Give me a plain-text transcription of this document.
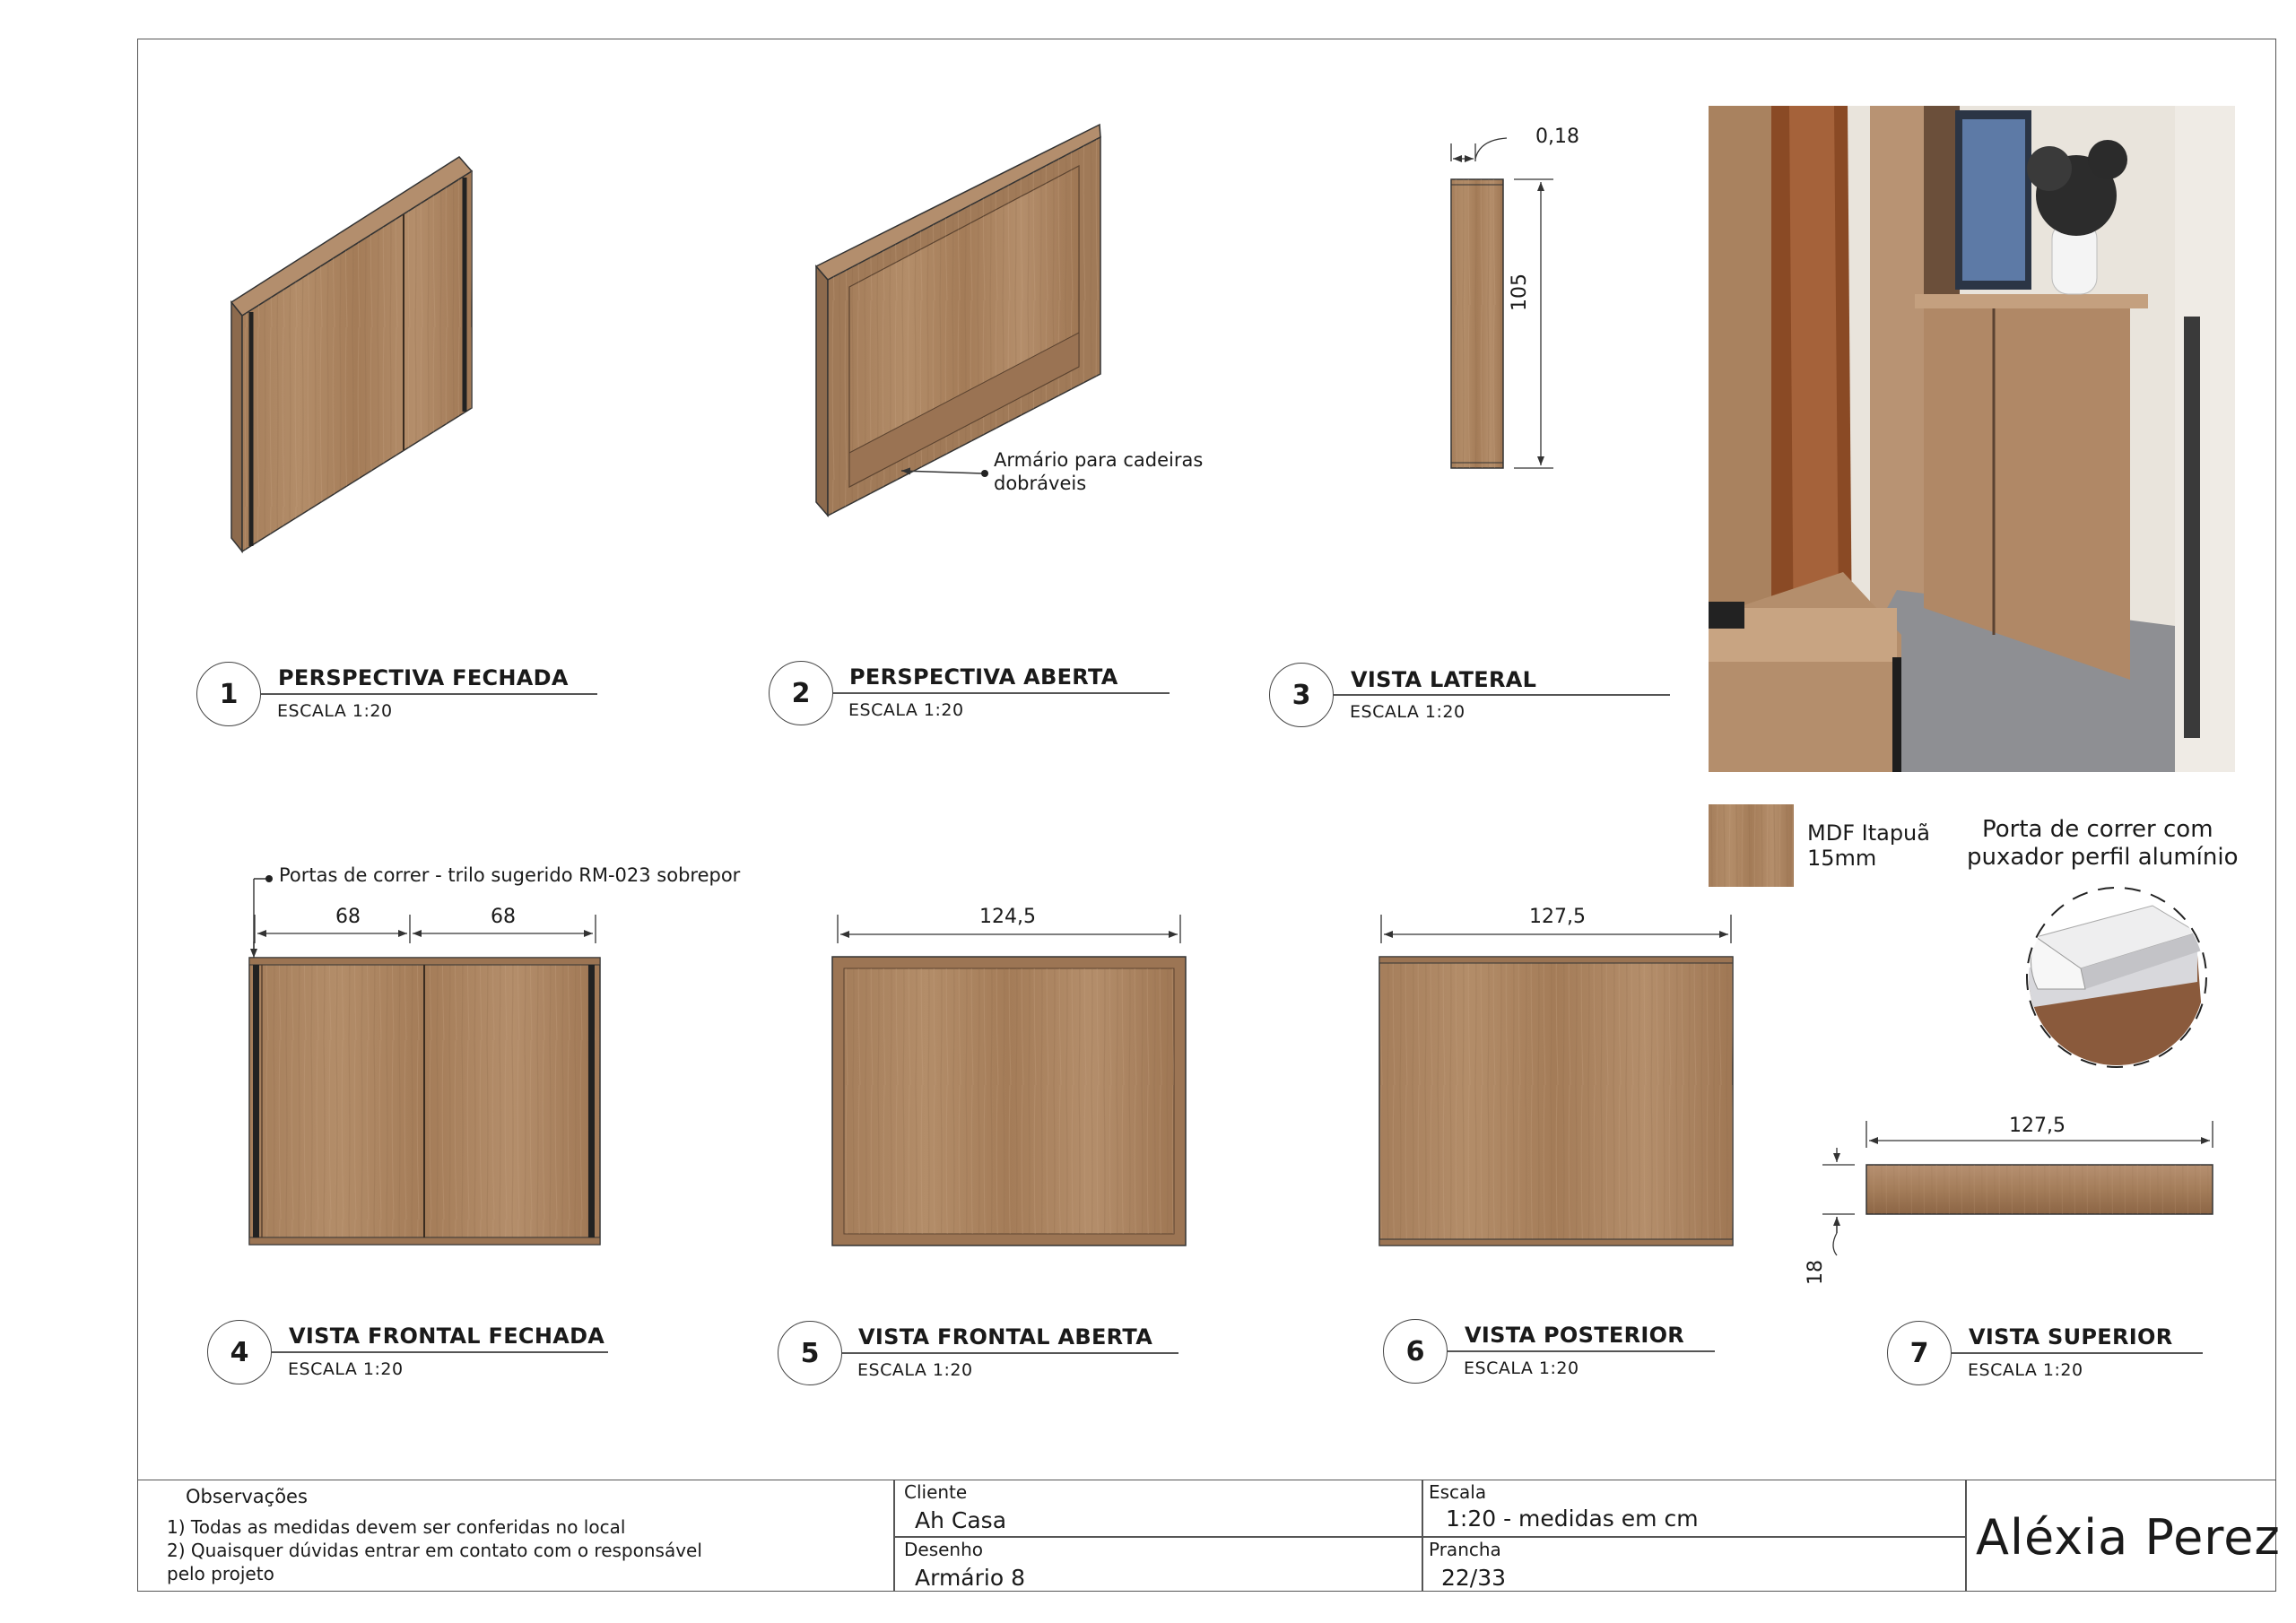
Armário para cadeiras
dobráveis
0,18
105
MDF Itapuã
15mm
Porta de correr com
puxador perfil alumínio
Portas de correr - trilo sugerido RM-023 sobrepor
68	68	124,5	127,5
127,5
18
1
PERSPECTIVA FECHADA
ESCALA 1:20
2
PERSPECTIVA ABERTA
ESCALA 1:20	3	VISTA LATERAL
ESCALA 1:20
4
VISTA FRONTAL FECHADA
ESCALA 1:20
5
VISTA FRONTAL ABERTA
ESCALA 1:20
6
VISTA POSTERIOR
ESCALA 1:20	7
VISTA SUPERIOR
ESCALA 1:20
Observações
1) Todas as medidas devem ser conferidas no local
2) Quaisquer dúvidas entrar em contato com o responsável
pelo projeto
Cliente
Ah Casa
Desenho
Armário 8
Escala
1:20 - medidas em cm
Prancha
22/33
Aléxia Perez
